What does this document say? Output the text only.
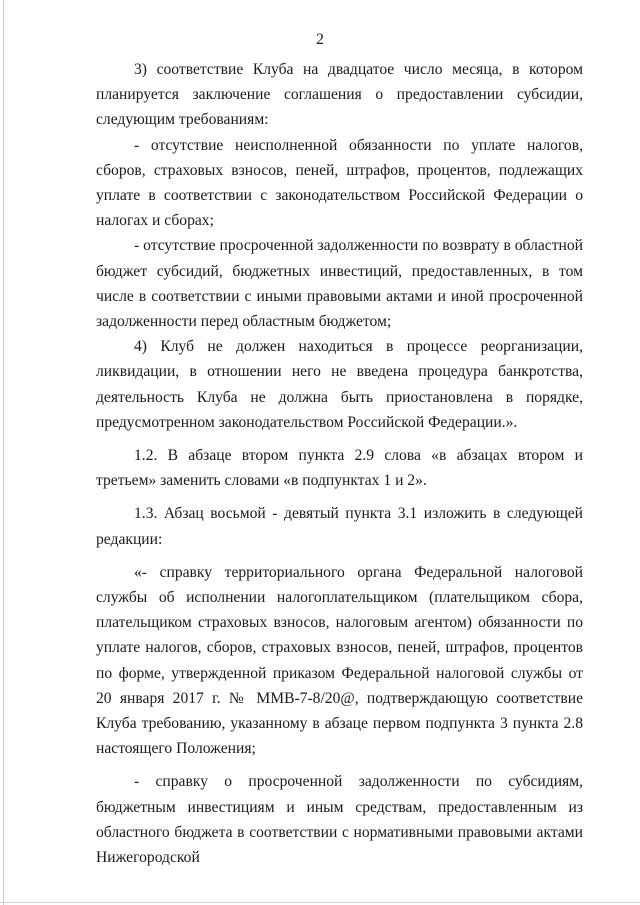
2

3) соответствие Клуба на двадцатое число месяца, в котором планируется заключение соглашения о предоставлении субсидии, следующим требованиям:

- отсутствие неисполненной обязанности по уплате налогов, сборов, страховых взносов, пеней, штрафов, процентов, подлежащих уплате в соответствии с законодательством Российской Федерации о налогах и сборах;

- отсутствие просроченной задолженности по возврату в областной бюджет субсидий, бюджетных инвестиций, предоставленных, в том числе в соответствии с иными правовыми актами и иной просроченной задолженности перед областным бюджетом;

4) Клуб не должен находиться в процессе реорганизации, ликвидации, в отношении него не введена процедура банкротства, деятельность Клуба не должна быть приостановлена в порядке, предусмотренном законодательством Российской Федерации.».

1.2. В абзаце втором пункта 2.9 слова «в абзацах втором и третьем» заменить словами «в подпунктах 1 и 2».

1.3. Абзац восьмой - девятый пункта 3.1 изложить в следующей редакции:

«- справку территориального органа Федеральной налоговой службы об исполнении налогоплательщиком (плательщиком сбора, плательщиком страховых взносов, налоговым агентом) обязанности по уплате налогов, сборов, страховых взносов, пеней, штрафов, процентов по форме, утвержденной приказом Федеральной налоговой службы от 20 января 2017 г. № ММВ-7-8/20@, подтверждающую соответствие Клуба требованию, указанному в абзаце первом подпункта 3 пункта 2.8 настоящего Положения;

- справку о просроченной задолженности по субсидиям, бюджетным инвестициям и иным средствам, предоставленным из областного бюджета в соответствии с нормативными правовыми актами Нижегородской
